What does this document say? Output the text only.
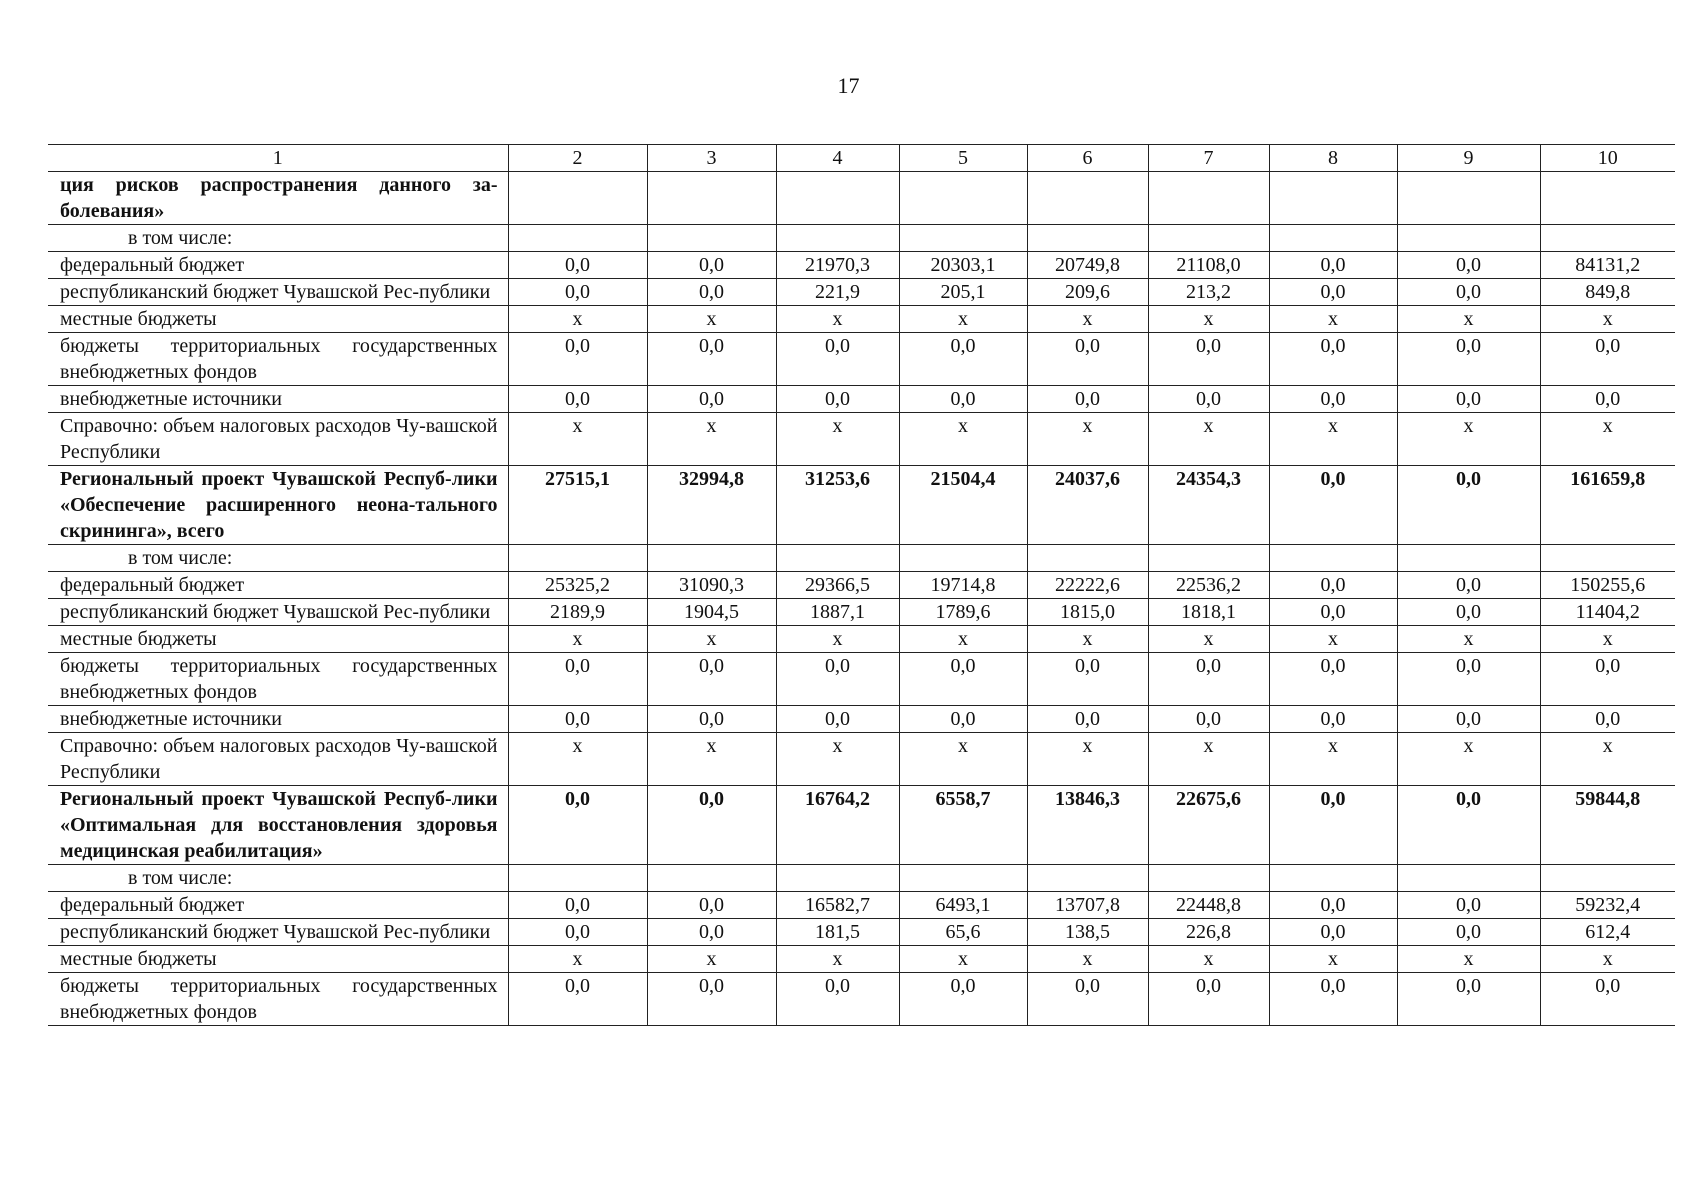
17
1	2	3	4	5	6	7	8	9	10
ция рисков распространения данного за-болевания»									
в том числе:									
федеральный бюджет	0,0	0,0	21970,3	20303,1	20749,8	21108,0	0,0	0,0	84131,2
республиканский бюджет Чувашской Рес-публики	0,0	0,0	221,9	205,1	209,6	213,2	0,0	0,0	849,8
местные бюджеты	х	х	х	х	х	х	х	х	х
бюджеты территориальных государственных внебюджетных фондов	0,0	0,0	0,0	0,0	0,0	0,0	0,0	0,0	0,0
внебюджетные источники	0,0	0,0	0,0	0,0	0,0	0,0	0,0	0,0	0,0
Справочно: объем налоговых расходов Чу-вашской Республики	х	х	х	х	х	х	х	х	х
Региональный проект Чувашской Респуб-лики «Обеспечение расширенного неона-тального скрининга», всего	27515,1	32994,8	31253,6	21504,4	24037,6	24354,3	0,0	0,0	161659,8
в том числе:									
федеральный бюджет	25325,2	31090,3	29366,5	19714,8	22222,6	22536,2	0,0	0,0	150255,6
республиканский бюджет Чувашской Рес-публики	2189,9	1904,5	1887,1	1789,6	1815,0	1818,1	0,0	0,0	11404,2
местные бюджеты	х	х	х	х	х	х	х	х	х
бюджеты территориальных государственных внебюджетных фондов	0,0	0,0	0,0	0,0	0,0	0,0	0,0	0,0	0,0
внебюджетные источники	0,0	0,0	0,0	0,0	0,0	0,0	0,0	0,0	0,0
Справочно: объем налоговых расходов Чу-вашской Республики	х	х	х	х	х	х	х	х	х
Региональный проект Чувашской Респуб-лики «Оптимальная для восстановления здоровья медицинская реабилитация»	0,0	0,0	16764,2	6558,7	13846,3	22675,6	0,0	0,0	59844,8
в том числе:									
федеральный бюджет	0,0	0,0	16582,7	6493,1	13707,8	22448,8	0,0	0,0	59232,4
республиканский бюджет Чувашской Рес-публики	0,0	0,0	181,5	65,6	138,5	226,8	0,0	0,0	612,4
местные бюджеты	х	х	х	х	х	х	х	х	х
бюджеты территориальных государственных внебюджетных фондов	0,0	0,0	0,0	0,0	0,0	0,0	0,0	0,0	0,0
